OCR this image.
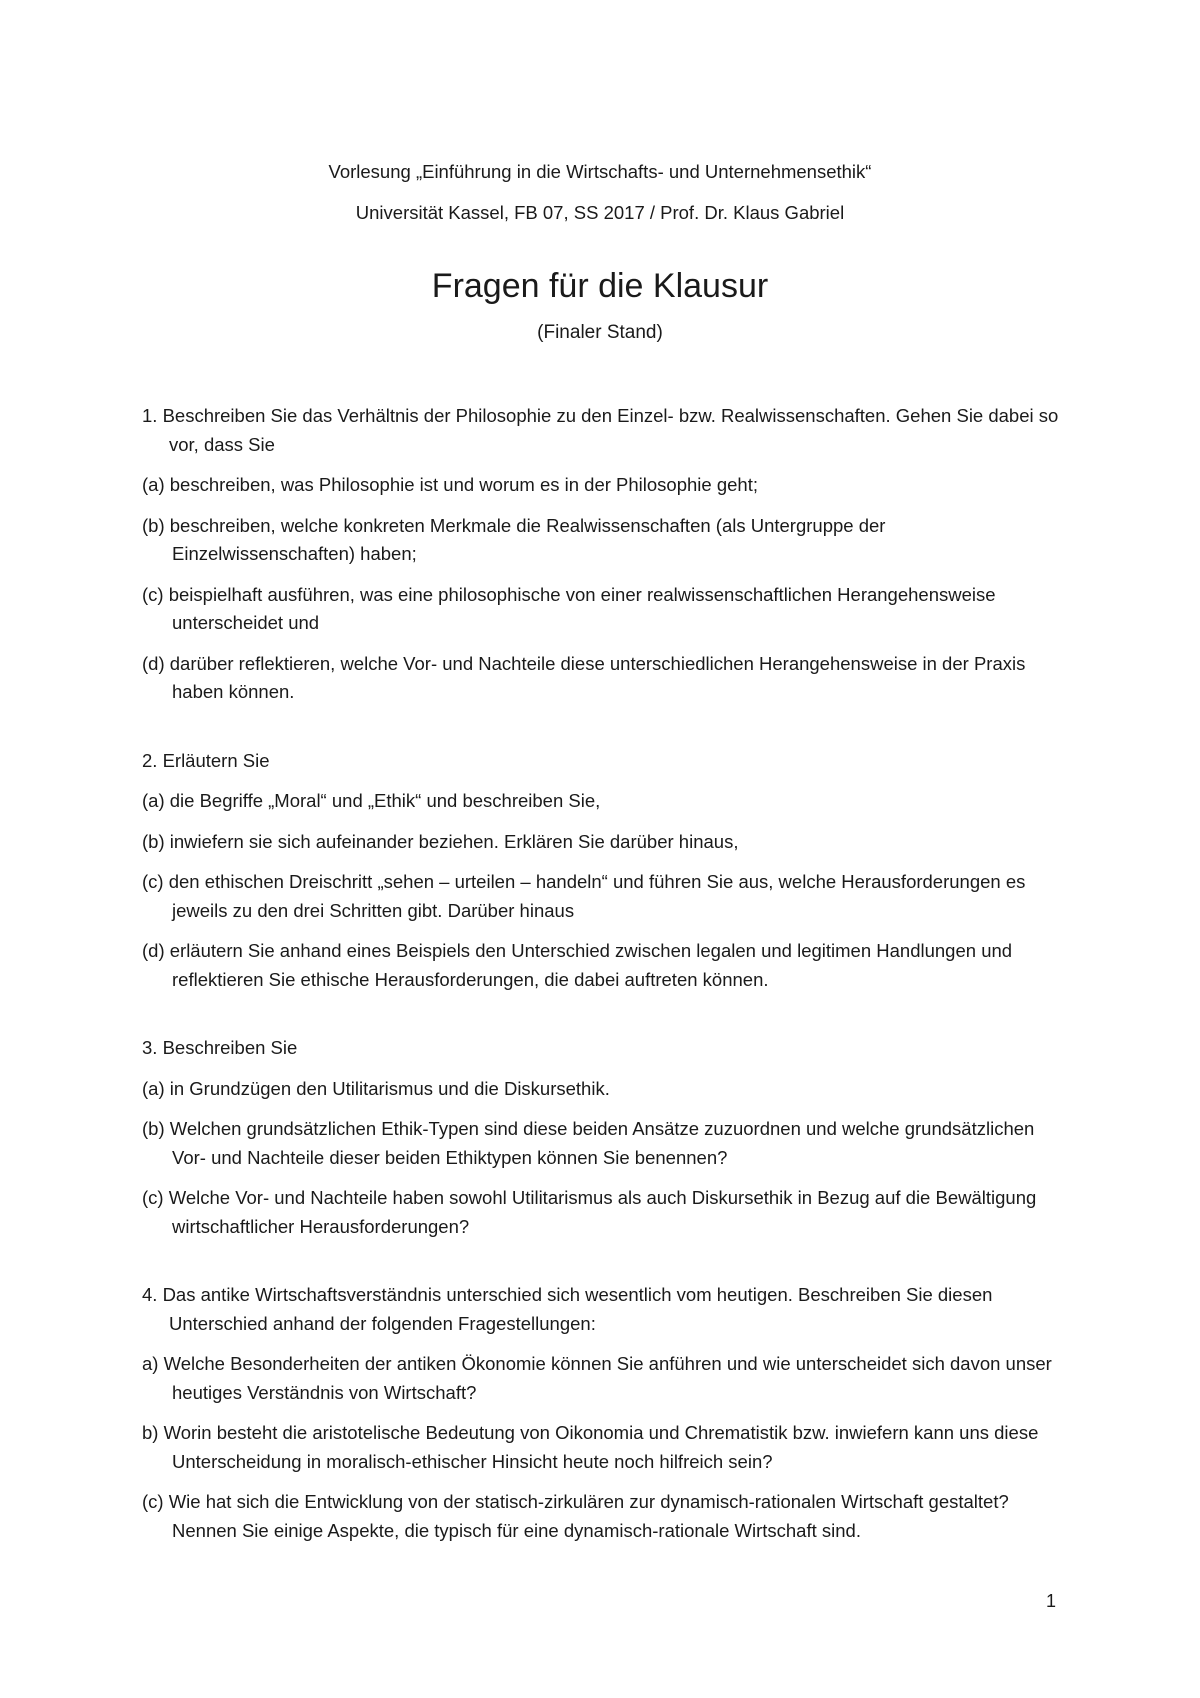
Vorlesung „Einführung in die Wirtschafts- und Unternehmensethik“
Universität Kassel, FB 07, SS 2017 / Prof. Dr. Klaus Gabriel
Fragen für die Klausur
(Finaler Stand)

1. Beschreiben Sie das Verhältnis der Philosophie zu den Einzel- bzw. Realwissenschaften. Gehen Sie dabei so vor, dass Sie

(a) beschreiben, was Philosophie ist und worum es in der Philosophie geht;

(b) beschreiben, welche konkreten Merkmale die Realwissenschaften (als Untergruppe der Einzelwissenschaften) haben;

(c) beispielhaft ausführen, was eine philosophische von einer realwissenschaftlichen Herangehensweise unterscheidet und

(d) darüber reflektieren, welche Vor- und Nachteile diese unterschiedlichen Herangehensweise in der Praxis haben können.

2. Erläutern Sie

(a) die Begriffe „Moral“ und „Ethik“ und beschreiben Sie,

(b) inwiefern sie sich aufeinander beziehen. Erklären Sie darüber hinaus,

(c) den ethischen Dreischritt „sehen – urteilen – handeln“ und führen Sie aus, welche Herausforderungen es jeweils zu den drei Schritten gibt. Darüber hinaus

(d) erläutern Sie anhand eines Beispiels den Unterschied zwischen legalen und legitimen Handlungen und reflektieren Sie ethische Herausforderungen, die dabei auftreten können.

3. Beschreiben Sie

(a) in Grundzügen den Utilitarismus und die Diskursethik.

(b) Welchen grundsätzlichen Ethik-Typen sind diese beiden Ansätze zuzuordnen und welche grundsätzlichen Vor- und Nachteile dieser beiden Ethiktypen können Sie benennen?

(c) Welche Vor- und Nachteile haben sowohl Utilitarismus als auch Diskursethik in Bezug auf die Bewältigung wirtschaftlicher Herausforderungen?

4. Das antike Wirtschaftsverständnis unterschied sich wesentlich vom heutigen. Beschreiben Sie diesen Unterschied anhand der folgenden Fragestellungen:

a) Welche Besonderheiten der antiken Ökonomie können Sie anführen und wie unterscheidet sich davon unser heutiges Verständnis von Wirtschaft?

b) Worin besteht die aristotelische Bedeutung von Oikonomia und Chrematistik bzw. inwiefern kann uns diese Unterscheidung in moralisch-ethischer Hinsicht heute noch hilfreich sein?

(c) Wie hat sich die Entwicklung von der statisch-zirkulären zur dynamisch-rationalen Wirtschaft gestaltet? Nennen Sie einige Aspekte, die typisch für eine dynamisch-rationale Wirtschaft sind.

1
